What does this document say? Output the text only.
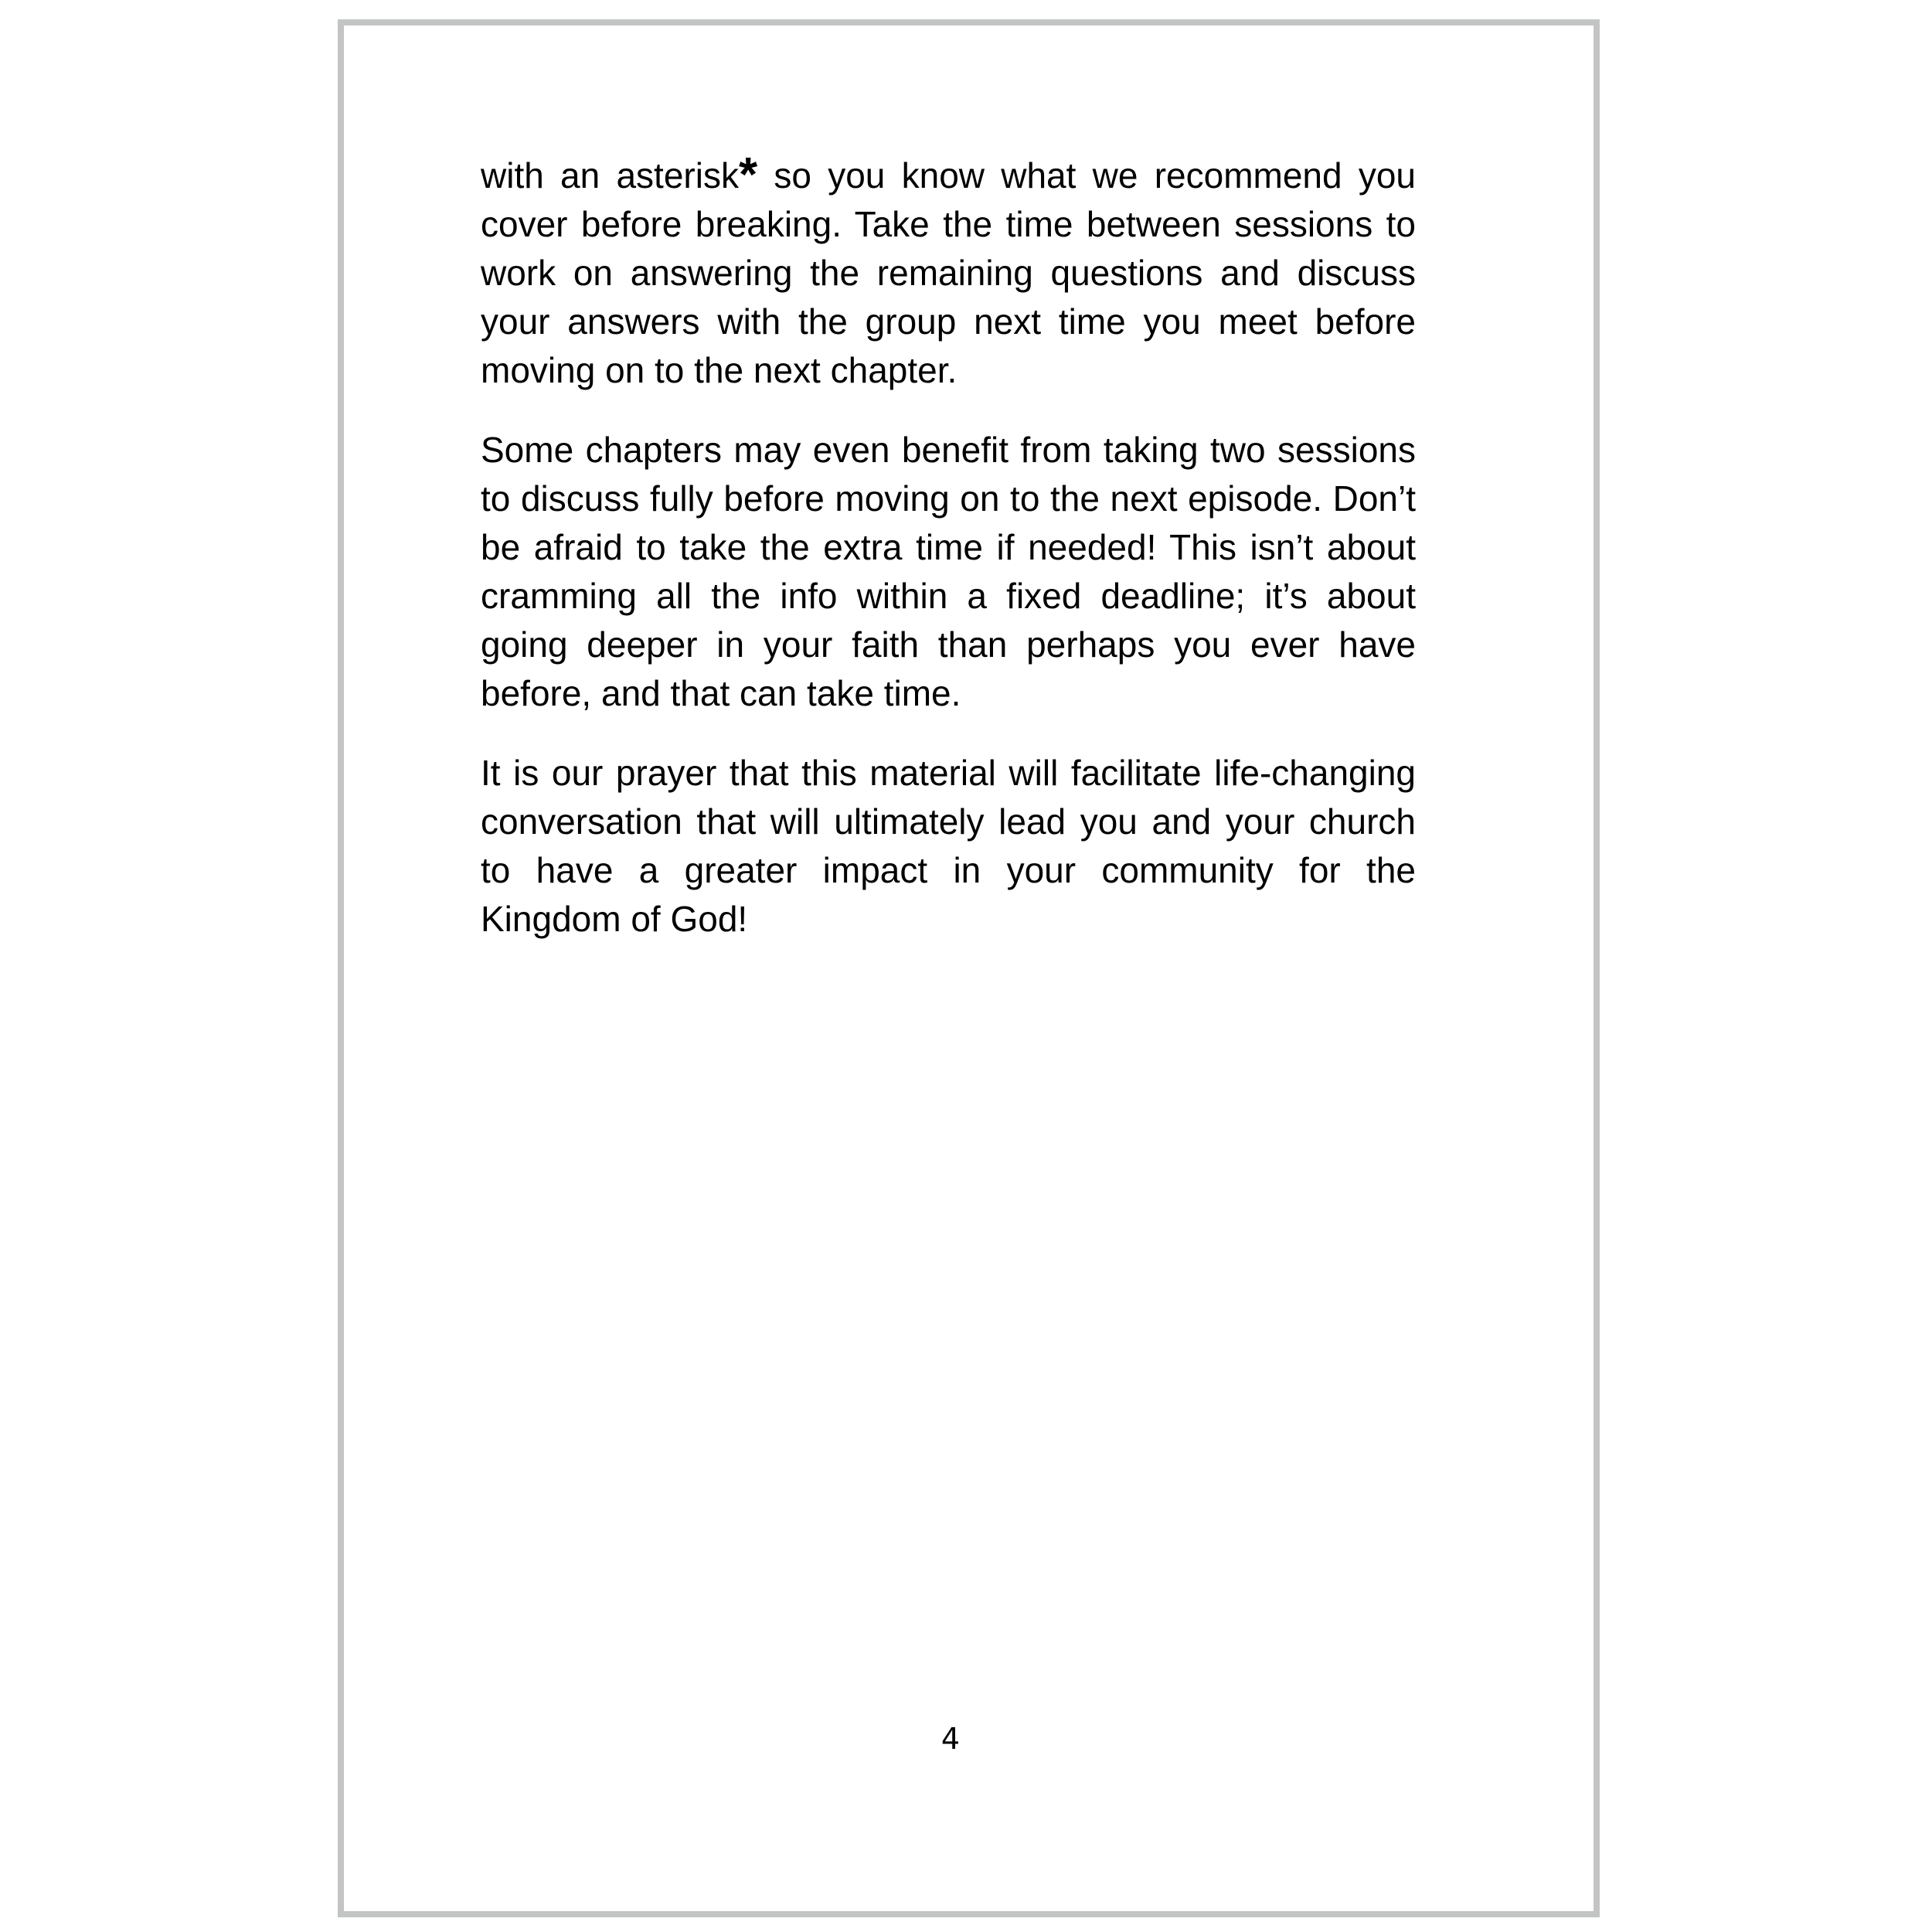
with an asterisk* so you know what we recommend you cover before breaking. Take the time between sessions to work on answering the remaining questions and discuss your answers with the group next time you meet before moving on to the next chapter.

Some chapters may even benefit from taking two sessions to discuss fully before moving on to the next episode. Don’t be afraid to take the extra time if needed! This isn’t about cramming all the info within a fixed deadline; it’s about going deeper in your faith than perhaps you ever have before, and that can take time.

It is our prayer that this material will facilitate life-changing conversation that will ultimately lead you and your church to have a greater impact in your community for the Kingdom of God!

4
